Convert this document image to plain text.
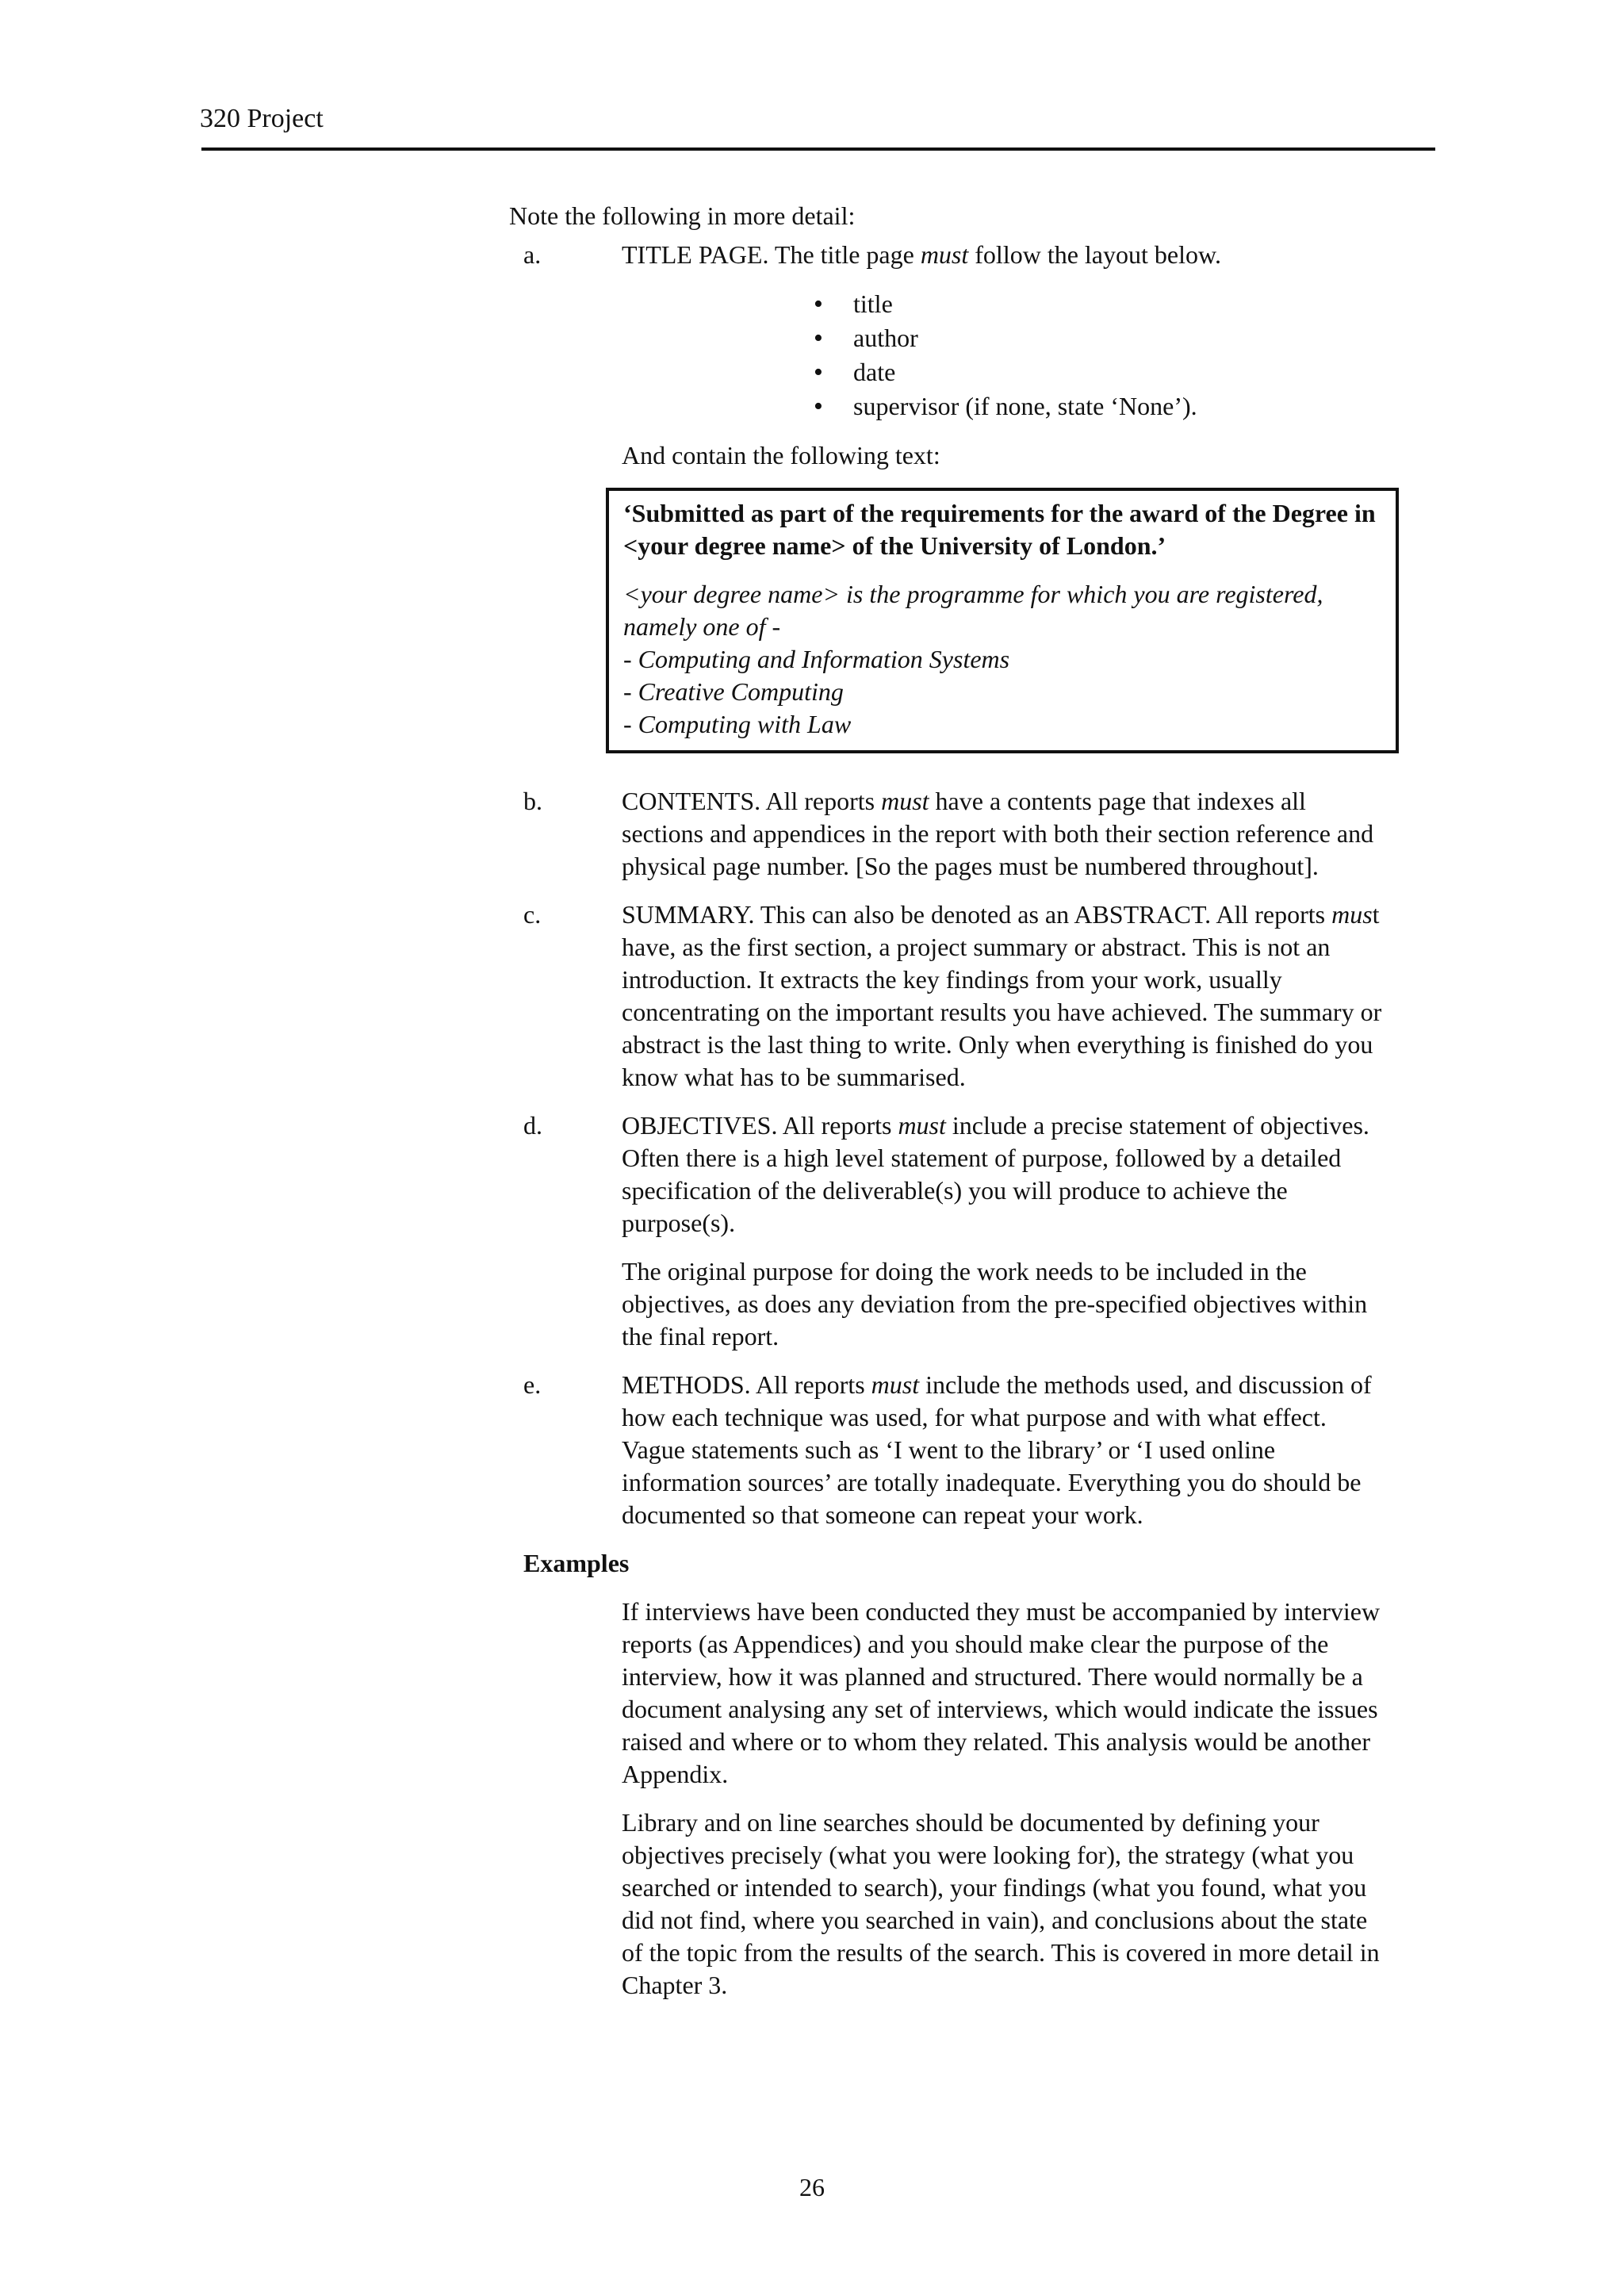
320 Project

Note the following in more detail:

a.	TITLE PAGE. The title page must follow the layout below.

• title
• author
• date
• supervisor (if none, state ‘None’).

And contain the following text:

‘Submitted as part of the requirements for the award of the Degree in <your degree name> of the University of London.’
<your degree name> is the programme for which you are registered,
namely one of -
- Computing and Information Systems
- Creative Computing
- Computing with Law
b.	CONTENTS. All reports must have a contents page that indexes all sections and appendices in the report with both their section reference and physical page number. [So the pages must be numbered throughout].

c.	SUMMARY. This can also be denoted as an ABSTRACT. All reports must have, as the first section, a project summary or abstract. This is not an introduction. It extracts the key findings from your work, usually concentrating on the important results you have achieved. The summary or abstract is the last thing to write. Only when everything is finished do you know what has to be summarised.

d.	OBJECTIVES. All reports must include a precise statement of objectives. Often there is a high level statement of purpose, followed by a detailed specification of the deliverable(s) you will produce to achieve the purpose(s).

The original purpose for doing the work needs to be included in the objectives, as does any deviation from the pre-specified objectives within the final report.

e.	METHODS. All reports must include the methods used, and discussion of how each technique was used, for what purpose and with what effect. Vague statements such as ‘I went to the library’ or ‘I used online information sources’ are totally inadequate. Everything you do should be documented so that someone can repeat your work.

Examples

If interviews have been conducted they must be accompanied by interview reports (as Appendices) and you should make clear the purpose of the interview, how it was planned and structured. There would normally be a document analysing any set of interviews, which would indicate the issues raised and where or to whom they related. This analysis would be another Appendix.

Library and on line searches should be documented by defining your objectives precisely (what you were looking for), the strategy (what you searched or intended to search), your findings (what you found, what you did not find, where you searched in vain), and conclusions about the state of the topic from the results of the search. This is covered in more detail in Chapter 3.

26
